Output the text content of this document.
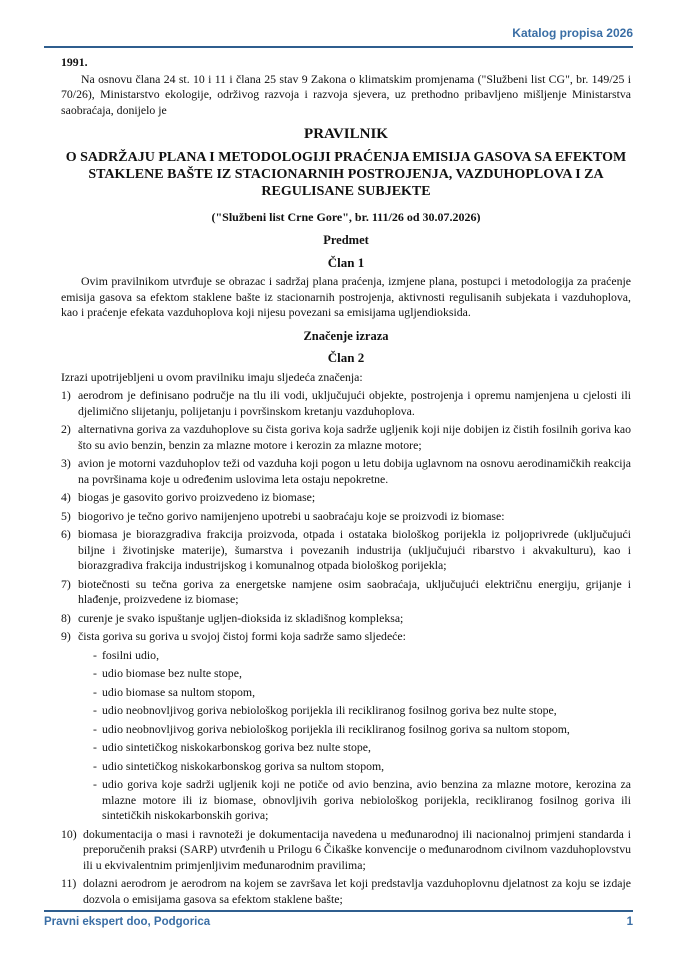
Katalog propisa 2026

1991.

Na osnovu člana 24 st. 10 i 11 i člana 25 stav 9 Zakona o klimatskim promjenama ("Službeni list CG", br. 149/25 i 70/26), Ministarstvo ekologije, održivog razvoja i razvoja sjevera, uz prethodno pribavljeno mišljenje Ministarstva saobraćaja, donijelo je

PRAVILNIK

O SADRŽAJU PLANA I METODOLOGIJI PRAĆENJA EMISIJA GASOVA SA EFEKTOM STAKLENE BAŠTE IZ STACIONARNIH POSTROJENJA, VAZDUHOPLOVA I ZA REGULISANE SUBJEKTE

("Službeni list Crne Gore", br. 111/26 od 30.07.2026)

Predmet

Član 1

Ovim pravilnikom utvrđuje se obrazac i sadržaj plana praćenja, izmjene plana, postupci i metodologija za praćenje emisija gasova sa efektom staklene bašte iz stacionarnih postrojenja, aktivnosti regulisanih subjekata i vazduhoplova, kao i praćenje efekata vazduhoplova koji nijesu povezani sa emisijama ugljendioksida.

Značenje izraza

Član 2

Izrazi upotrijebljeni u ovom pravilniku imaju sljedeća značenja:

1) aerodrom je definisano područje na tlu ili vodi, uključujući objekte, postrojenja i opremu namjenjena u cjelosti ili djelimično slijetanju, polijetanju i površinskom kretanju vazduhoplova.
2) alternativna goriva za vazduhoplove su čista goriva koja sadrže ugljenik koji nije dobijen iz čistih fosilnih goriva kao što su avio benzin, benzin za mlazne motore i kerozin za mlazne motore;
3) avion je motorni vazduhoplov teži od vazduha koji pogon u letu dobija uglavnom na osnovu aerodinamičkih reakcija na površinama koje u određenim uslovima leta ostaju nepokretne.
4) biogas je gasovito gorivo proizvedeno iz biomase;
5) biogorivo je tečno gorivo namijenjeno upotrebi u saobraćaju koje se proizvodi iz biomase:
6) biomasa je biorazgradiva frakcija proizvoda, otpada i ostataka biološkog porijekla iz poljoprivrede (uključujući biljne i životinjske materije), šumarstva i povezanih industrija (uključujući ribarstvo i akvakulturu), kao i biorazgradiva frakcija industrijskog i komunalnog otpada biološkog porijekla;
7) biotečnosti su tečna goriva za energetske namjene osim saobraćaja, uključujući električnu energiju, grijanje i hlađenje, proizvedene iz biomase;
8) curenje je svako ispuštanje ugljen-dioksida iz skladišnog kompleksa;
9) čista goriva su goriva u svojoj čistoj formi koja sadrže samo sljedeće:
- fosilni udio,
- udio biomase bez nulte stope,
- udio biomase sa nultom stopom,
- udio neobnovljivog goriva nebiološkog porijekla ili recikliranog fosilnog goriva bez nulte stope,
- udio neobnovljivog goriva nebiološkog porijekla ili recikliranog fosilnog goriva sa nultom stopom,
- udio sintetičkog niskokarbonskog goriva bez nulte stope,
- udio sintetičkog niskokarbonskog goriva sa nultom stopom,
- udio goriva koje sadrži ugljenik koji ne potiče od avio benzina, avio benzina za mlazne motore, kerozina za mlazne motore ili iz biomase, obnovljivih goriva nebiološkog porijekla, recikliranog fosilnog goriva ili sintetičkih niskokarbonskih goriva;
10) dokumentacija o masi i ravnoteži je dokumentacija navedena u međunarodnoj ili nacionalnoj primjeni standarda i preporučenih praksi (SARP) utvrđenih u Prilogu 6 Čikaške konvencije o međunarodnom civilnom vazduhoplovstvu ili u ekvivalentnim primjenljivim međunarodnim pravilima;
11) dolazni aerodrom je aerodrom na kojem se završava let koji predstavlja vazduhoplovnu djelatnost za koju se izdaje dozvola o emisijama gasova sa efektom staklene bašte;
Pravni ekspert doo, Podgorica	1
